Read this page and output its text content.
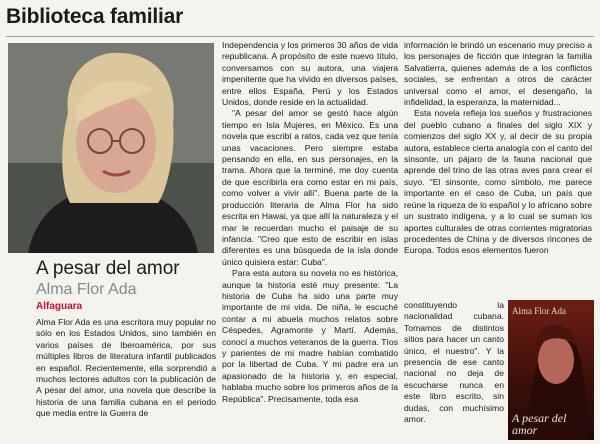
Biblioteca familiar

A pesar del amor

Alma Flor Ada

Alfaguara

Alma Flor Ada es una escritora muy popular no sólo en los Estados Unidos, sino también en varios países de Iberoamérica, por sus múltiples libros de literatura infantil publicados en español. Recientemente, ella sorprendió a muchos lectores adultos con la publicación de A pesar del amor, una novela que describe la historia de una familia cubana en el periodo que media entre la Guerra de

Independencia y los primeros 30 años de vida republicana. A propósito de este nuevo título, conversamos con su autora, una viajera impenitente que ha vivido en diversos países, entre ellos España, Perú y los Estados Unidos, donde reside en la actualidad.

"A pesar del amor se gestó hace algún tiempo en Isla Mujeres, en México. Es una novela que escribí a ratos, cada vez que tenía unas vacaciones. Pero siempre estaba pensando en ella, en sus personajes, en la trama. Ahora que la terminé, me doy cuenta de que escribirla era como estar en mi país, como volver a vivir allí". Buena parte de la producción literaria de Alma Flor ha sido escrita en Hawai, ya que allí la naturaleza y el mar le recuerdan mucho el paisaje de su infancia. "Creo que esto de escribir en islas diferentes es una búsqueda de la isla donde único quisiera estar: Cuba".

Para esta autora su novela no es histórica, aunque la historia esté muy presente: "La historia de Cuba ha sido una parte muy importante de mi vida. De niña, le escuché contar a mi abuela muchos relatos sobre Céspedes, Agramonte y Martí. Además, conocí a muchos veteranos de la guerra. Tíos y parientes de mi madre habían combatido por la libertad de Cuba. Y mi padre era un apasionado de la historia y, en especial, hablaba mucho sobre los primeros años de la República". Precisamente, toda esa

información le brindó un escenario muy preciso a los personajes de ficción que integran la familia Salvatierra, quienes además de a los conflictos sociales, se enfrentan a otros de carácter universal como el amor, el desengaño, la infidelidad, la esperanza, la maternidad...

Esta novela refleja los sueños y frustraciones del pueblo cubano a finales del siglo XIX y comienzos del siglo XX y, al decir de su propia autora, establece cierta analogía con el canto del sinsonte, un pájaro de la fauna nacional que aprende del trino de las otras aves para crear el suyo. "El sinsonte, como símbolo, me parece importante en el caso de Cuba, un país que reúne la riqueza de lo español y lo africano sobre un sustrato indígena, y a lo cual se suman los aportes culturales de otras corrientes migratorias procedentes de China y de diversos rincones de Europa. Todos esos elementos fueron

constituyendo la nacionalidad cubana. Tomamos de distintos sitios para hacer un canto único, el nuestro". Y la presencia de ese canto nacional no deja de escucharse nunca en este libro escrito, sin dudas, con muchísimo amor.

Alma Flor Ada
A pesar del amor
